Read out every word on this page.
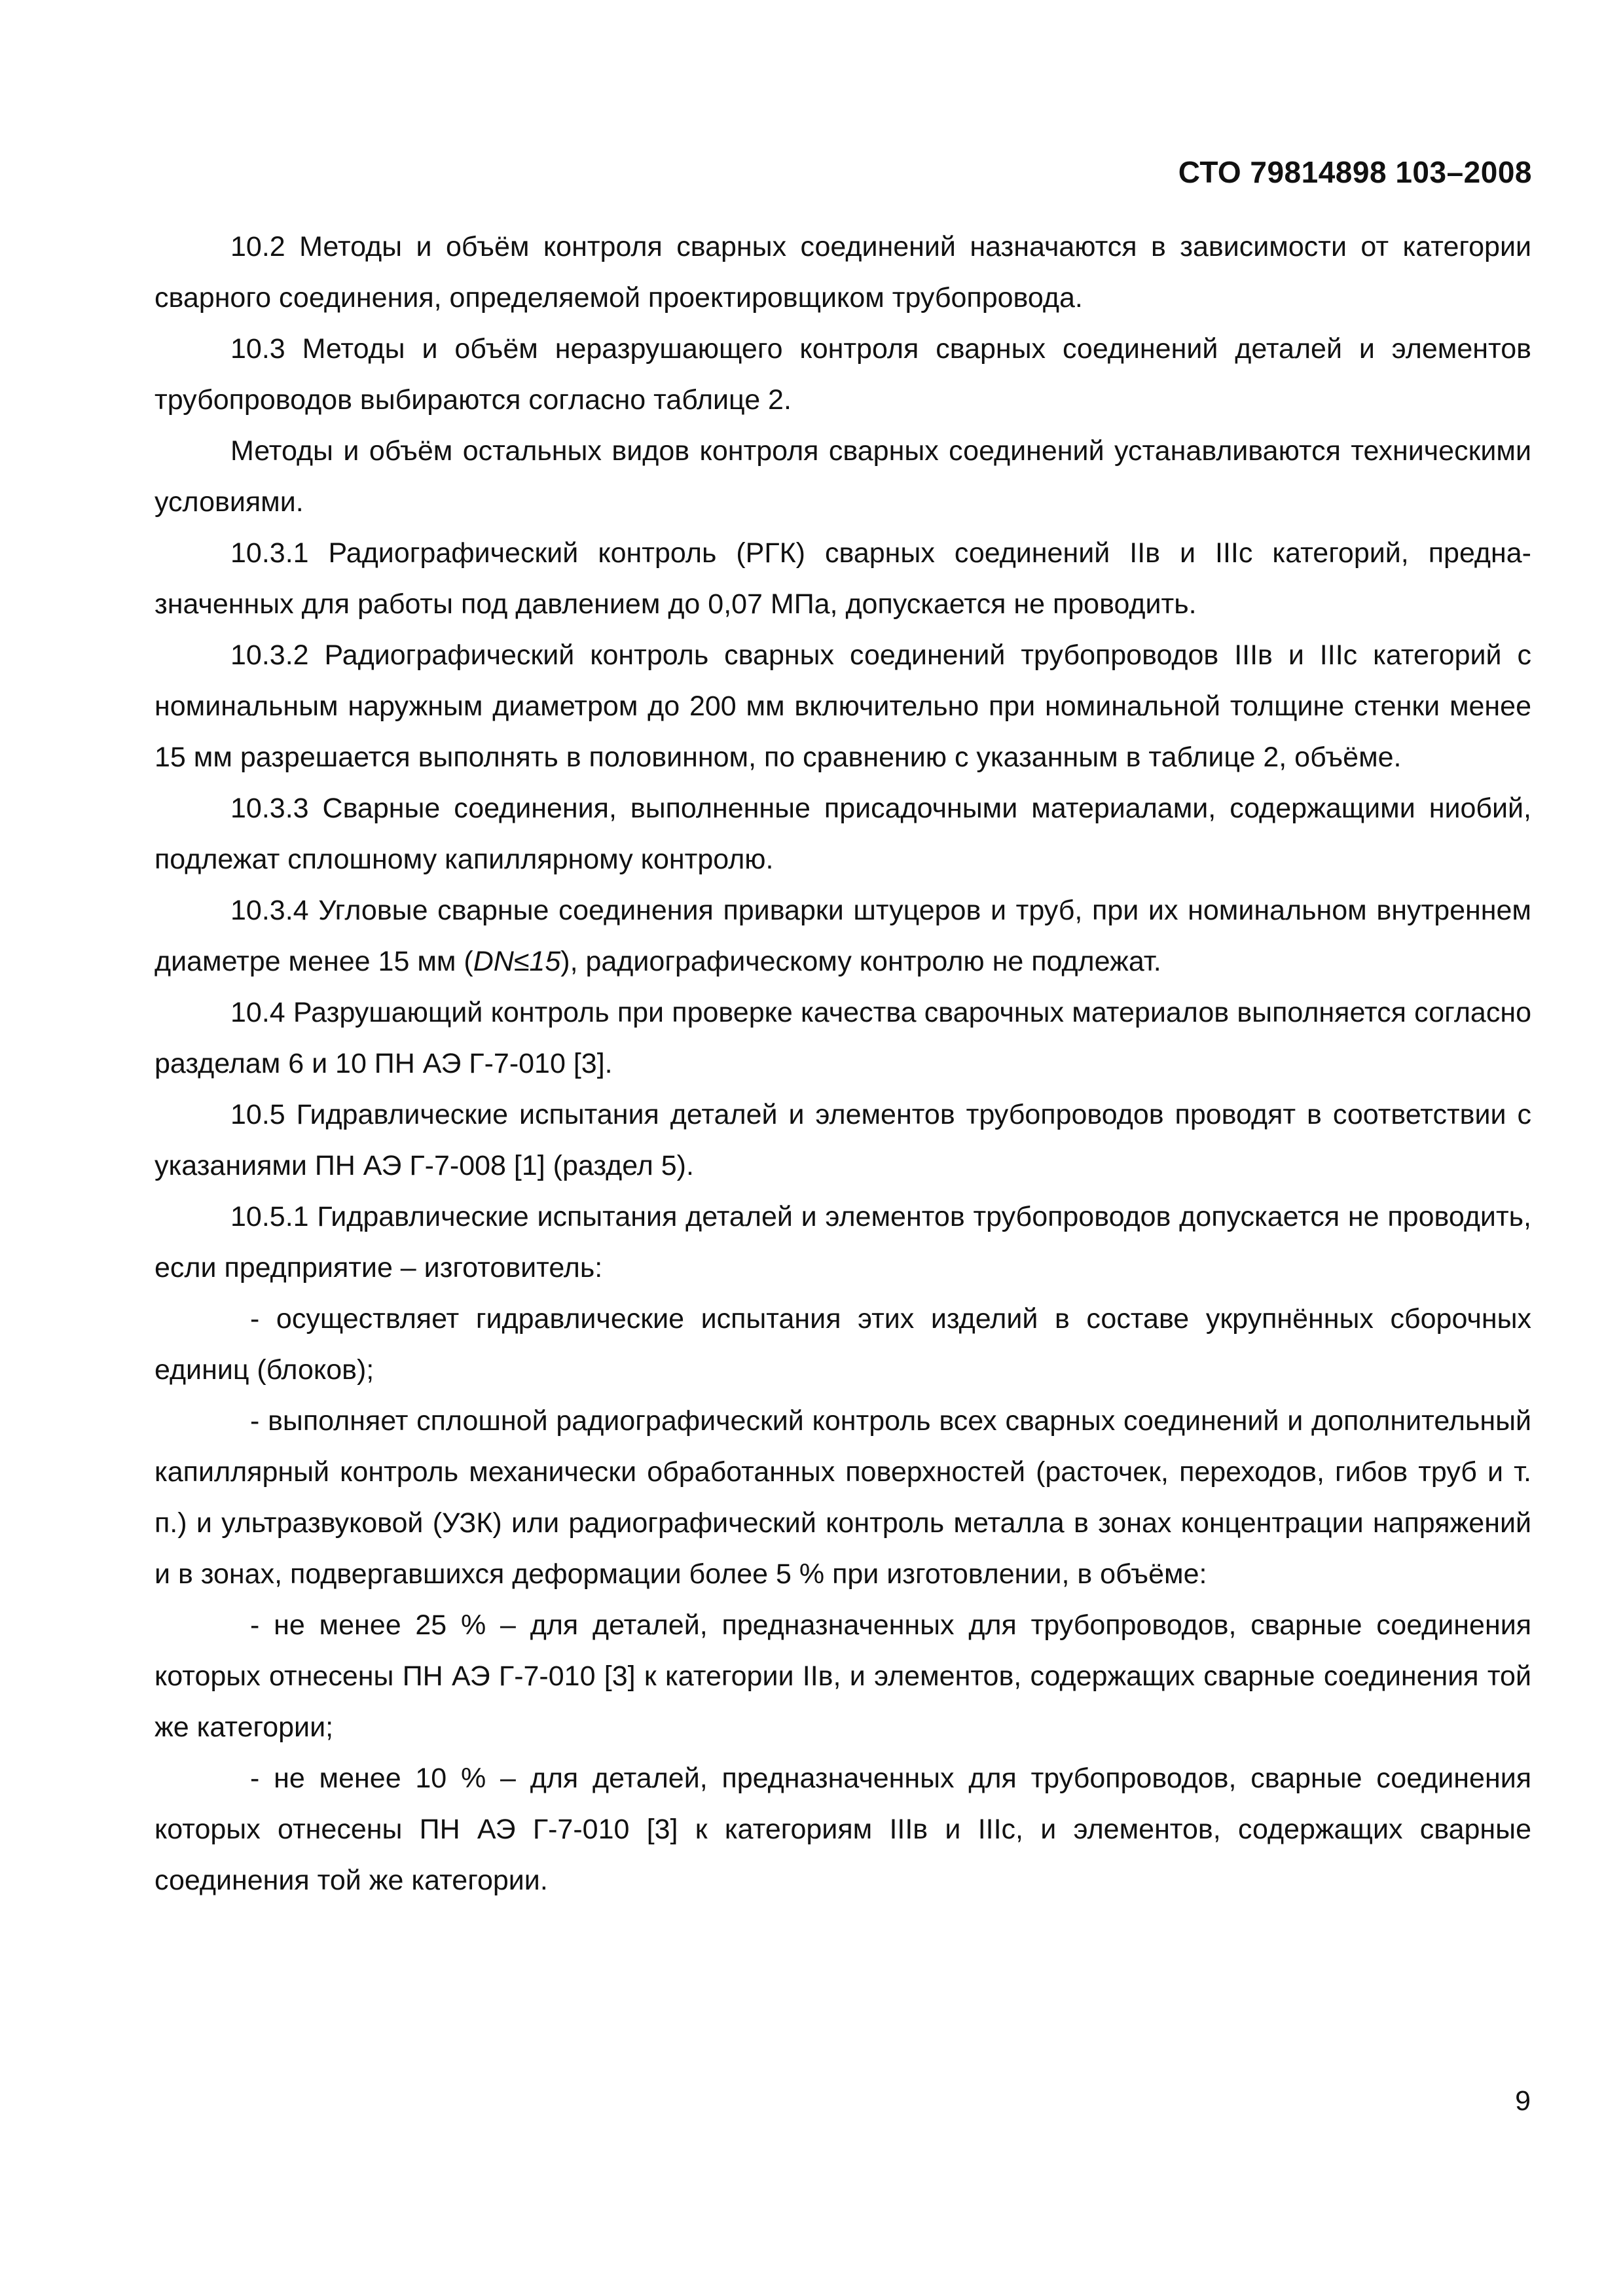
СТО 79814898 103–2008

10.2 Методы и объём контроля сварных соединений назначаются в зависимости от категории сварного соединения, определяемой проектировщиком трубопровода.

10.3 Методы и объём неразрушающего контроля сварных соединений деталей и элементов трубопроводов выбираются согласно таблице 2.

Методы и объём остальных видов контроля сварных соединений устанавливаются техническими условиями.

10.3.1 Радиографический контроль (РГК) сварных соединений IIв и IIIс категорий, предназначенных для работы под давлением до 0,07 МПа, допускается не проводить.

10.3.2 Радиографический контроль сварных соединений трубопроводов IIIв и IIIс категорий с номинальным наружным диаметром до 200 мм включительно при номинальной толщине стенки менее 15 мм разрешается выполнять в половинном, по сравнению с указанным в таблице 2, объёме.

10.3.3 Сварные соединения, выполненные присадочными материалами, содержащими ниобий, подлежат сплошному капиллярному контролю.

10.3.4 Угловые сварные соединения приварки штуцеров и труб, при их номинальном внутреннем диаметре менее 15 мм (DN≤15), радиографическому контролю не подлежат.

10.4 Разрушающий контроль при проверке качества сварочных материалов выполняется согласно разделам 6 и 10 ПН АЭ Г-7-010 [3].

10.5 Гидравлические испытания деталей и элементов трубопроводов проводят в соответствии с указаниями ПН АЭ Г-7-008 [1] (раздел 5).

10.5.1 Гидравлические испытания деталей и элементов трубопроводов допускается не проводить, если предприятие – изготовитель:

- осуществляет гидравлические испытания этих изделий в составе укрупнённых сборочных единиц (блоков);

- выполняет сплошной радиографический контроль всех сварных соединений и дополнительный капиллярный контроль механически обработанных поверхностей (расточек, переходов, гибов труб и т. п.) и ультразвуковой (УЗК) или радиографический контроль металла в зонах концентрации напряжений и в зонах, подвергавшихся деформации более 5 % при изготовлении, в объёме:

- не менее 25 % – для деталей, предназначенных для трубопроводов, сварные соединения которых отнесены ПН АЭ Г-7-010 [3] к категории IIв, и элементов, содержащих сварные соединения той же категории;

- не менее 10 % – для деталей, предназначенных для трубопроводов, сварные соединения которых отнесены ПН АЭ Г-7-010 [3] к категориям IIIв и IIIс, и элементов, содержащих сварные соединения той же категории.

9
